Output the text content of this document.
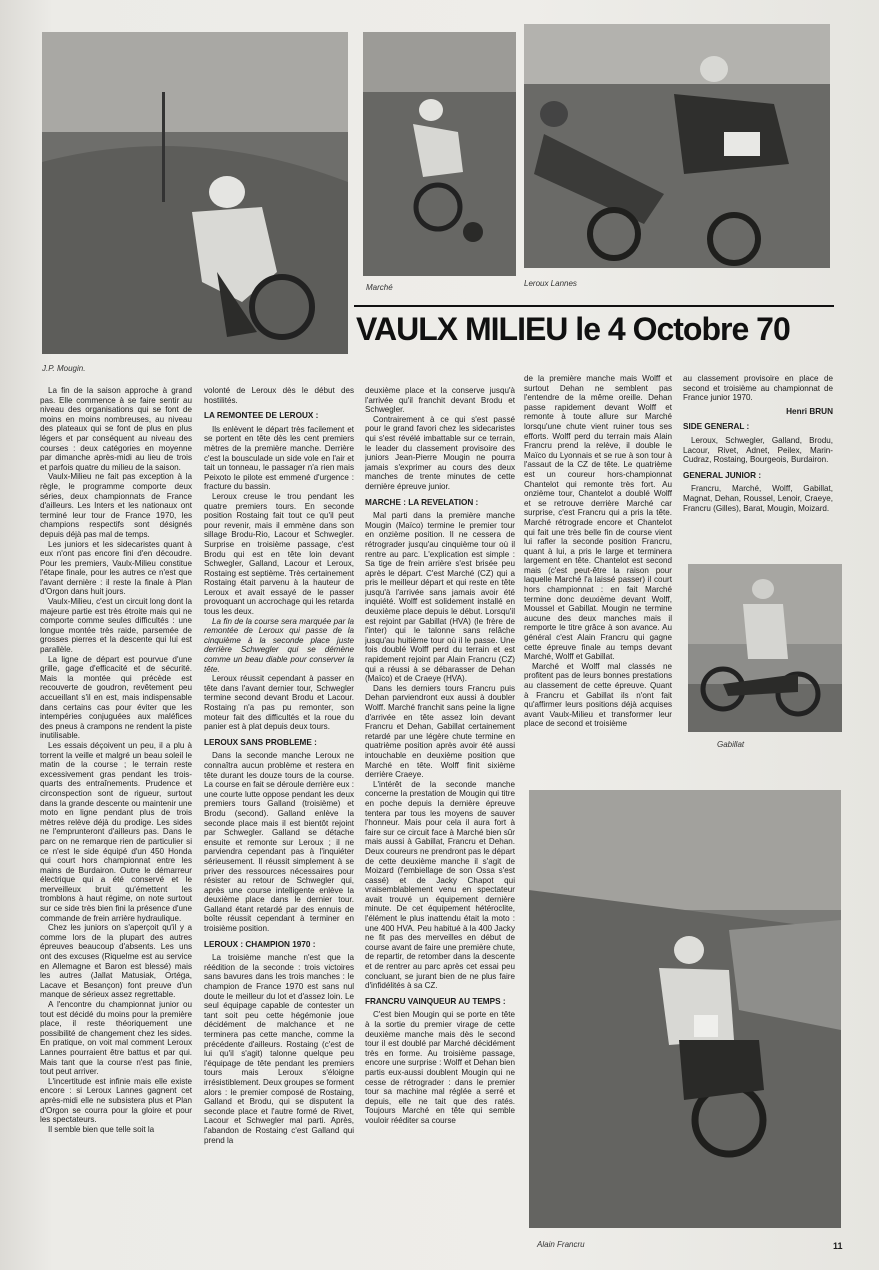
J.P. Mougin.
Marché	Leroux Lannes
VAULX MILIEU le 4 Octobre 70

La fin de la saison approche à grand pas. Elle commence à se faire sentir au niveau des organisations qui se font de moins en moins nombreuses, au niveau des plateaux qui se font de plus en plus légers et par conséquent au niveau des courses : deux catégories en moyenne par dimanche après-midi au lieu de trois et parfois quatre du milieu de la saison.

Vaulx-Milieu ne fait pas exception à la règle, le programme comporte deux séries, deux championnats de France d'ailleurs. Les Inters et les nationaux ont terminé leur tour de France 1970, les champions respectifs sont désignés depuis déjà pas mal de temps.

Les juniors et les sidecaristes quant à eux n'ont pas encore fini d'en découdre. Pour les premiers, Vaulx-Milieu constitue l'étape finale, pour les autres ce n'est que l'avant dernière : il reste la finale à Plan d'Orgon dans huit jours.

Vaulx-Milieu, c'est un circuit long dont la majeure partie est très étroite mais qui ne comporte comme seules difficultés : une longue montée très raide, parsemée de grosses pierres et la descente qui lui est parallèle.

La ligne de départ est pourvue d'une grille, gage d'efficacité et de sécurité. Mais la montée qui précède est recouverte de goudron, revêtement peu accueillant s'il en est, mais indispensable dans certains cas pour éviter que les intempéries conjuguées aux maléfices des pneus à crampons ne rendent la piste inutilisable.

Les essais déçoivent un peu, il a plu à torrent la veille et malgré un beau soleil le matin de la course ; le terrain reste excessivement gras pendant les trois-quarts des entraînements. Prudence et circonspection sont de rigueur, surtout dans la grande descente ou maintenir une moto en ligne pendant plus de trois mètres relève déjà du prodige. Les sides ne l'emprunteront d'ailleurs pas. Dans le parc on ne remarque rien de particulier si ce n'est le side équipé d'un 450 Honda qui court hors championnat entre les mains de Burdairon. Outre le démarreur électrique qui a été conservé et le merveilleux bruit qu'émettent les tromblons à haut régime, on note surtout sur ce side très bien fini la présence d'une commande de frein arrière hydraulique.

Chez les juniors on s'aperçoit qu'il y a comme lors de la plupart des autres épreuves beaucoup d'absents. Les uns ont des excuses (Riquelme est au service en Allemagne et Baron est blessé) mais les autres (Jallat Matusiak, Ortéga, Lacave et Besançon) font preuve d'un manque de sérieux assez regrettable.

A l'encontre du championnat junior ou tout est décidé du moins pour la première place, il reste théoriquement une possibilité de changement chez les sides. En pratique, on voit mal comment Leroux Lannes pourraient être battus et par qui. Mais tant que la course n'est pas finie, tout peut arriver.

L'incertitude est infinie mais elle existe encore : si Leroux Lannes gagnent cet après-midi elle ne subsistera plus et Plan d'Orgon se courra pour la gloire et pour les spectateurs.

Il semble bien que telle soit la

volonté de Leroux dès le début des hostilités.

LA REMONTEE DE LEROUX :

Ils enlèvent le départ très facilement et se portent en tête dès les cent premiers mètres de la première manche. Derrière c'est la bousculade un side vole en l'air et tait un tonneau, le passager n'a rien mais Peixoto le pilote est emmené d'urgence : fracture du bassin.

Leroux creuse le trou pendant les quatre premiers tours. En seconde position Rostaing fait tout ce qu'il peut pour revenir, mais il emmène dans son sillage Brodu-Rio, Lacour et Schwegler. Surprise en troisième passage, c'est Brodu qui est en tête loin devant Schwegler, Galland, Lacour et Leroux, Rostaing est septième. Très certainement Rostaing était parvenu à la hauteur de Leroux et avait essayé de le passer provoquant un accrochage qui les retarda tous les deux.

La fin de la course sera marquée par la remontée de Leroux qui passe de la cinquième à la seconde place juste derrière Schwegler qui se démène comme un beau diable pour conserver la tête.

Leroux réussit cependant à passer en tête dans l'avant dernier tour, Schwegler termine second devant Brodu et Lacour. Rostaing n'a pas pu remonter, son moteur fait des difficultés et la roue du panier est à plat depuis deux tours.

LEROUX SANS PROBLEME :

Dans la seconde manche Leroux ne connaîtra aucun problème et restera en tête durant les douze tours de la course. La course en fait se déroule derrière eux : une courte lutte oppose pendant les deux premiers tours Galland (troisième) et Brodu (second). Galland enlève la seconde place mais il est bientôt rejoint par Schwegler. Galland se détache ensuite et remonte sur Leroux ; il ne parviendra cependant pas à l'inquiéter sérieusement. Il réussit simplement à se priver des ressources nécessaires pour résister au retour de Schwegler qui, après une course intelligente enlève la deuxième place dans le dernier tour. Galland étant retardé par des ennuis de boîte réussit cependant à terminer en troisième position.

LEROUX : CHAMPION 1970 :

La troisième manche n'est que la réédition de la seconde : trois victoires sans bavures dans les trois manches : le champion de France 1970 est sans nul doute le meilleur du lot et d'assez loin. Le seul équipage capable de contester un tant soit peu cette hégémonie joue décidément de malchance et ne terminera pas cette manche, comme la précédente d'ailleurs. Rostaing (c'est de lui qu'il s'agit) talonne quelque peu l'équipage de tête pendant les premiers tours mais Leroux s'éloigne irrésistiblement. Deux groupes se forment alors : le premier composé de Rostaing, Galland et Brodu, qui se disputent la seconde place et l'autre formé de Rivet, Lacour et Schwegler mal parti. Après, l'abandon de Rostaing c'est Galland qui prend la

deuxième place et la conserve jusqu'à l'arrivée qu'il franchit devant Brodu et Schwegler.

Contrairement à ce qui s'est passé pour le grand favori chez les sidecaristes qui s'est révélé imbattable sur ce terrain, le leader du classement provisoire des juniors Jean-Pierre Mougin ne pourra jamais s'exprimer au cours des deux manches de trente minutes de cette dernière épreuve junior.

MARCHE : LA REVELATION :

Mal parti dans la première manche Mougin (Maïco) termine le premier tour en onzième position. Il ne cessera de rétrograder jusqu'au cinquième tour où il rentre au parc. L'explication est simple : Sa tige de frein arrière s'est brisée peu après le départ. C'est Marché (CZ) qui a pris le meilleur départ et qui reste en tête jusqu'à l'arrivée sans jamais avoir été inquiété. Wolff est solidement installé en deuxième place depuis le début. Lorsqu'il est rejoint par Gabillat (HVA) (le frère de l'inter) qui le talonne sans relâche jusqu'au huitième tour où il le passe. Une fois doublé Wolff perd du terrain et est rapidement rejoint par Alain Francru (CZ) qui a réussi à se débarasser de Dehan (Maïco) et de Craeye (HVA).

Dans les derniers tours Francru puis Dehan parviendront eux aussi à doubler Wolff. Marché franchit sans peine la ligne d'arrivée en tête assez loin devant Francru et Dehan, Gabillat certainement retardé par une légère chute termine en quatrième position après avoir été aussi intouchable en deuxième position que Marché en tête. Wolff finit sixième derrière Craeye.

L'intérêt de la seconde manche concerne la prestation de Mougin qui titre en poche depuis la dernière épreuve tentera par tous les moyens de sauver l'honneur. Mais pour cela il aura fort à faire sur ce circuit face à Marché bien sûr mais aussi à Gabillat, Francru et Dehan. Deux coureurs ne prendront pas le départ de cette deuxième manche il s'agit de Moizard (l'embiellage de son Ossa s'est cassé) et de Jacky Chapot qui vraisemblablement venu en spectateur avait trouvé un équipement dernière minute. De cet équipement hétéroclite, l'élément le plus inattendu était la moto : une 400 HVA. Peu habitué à la 400 Jacky ne fit pas des merveilles en début de course avant de faire une première chute, de repartir, de retomber dans la descente et de rentrer au parc après cet essai peu concluant, se jurant bien de ne plus faire d'infidélités à sa CZ.

FRANCRU VAINQUEUR AU TEMPS :

C'est bien Mougin qui se porte en tête à la sortie du premier virage de cette deuxième manche mais dès le second tour il est doublé par Marché décidément très en forme. Au troisième passage, encore une surprise : Wolff et Dehan bien partis eux-aussi doublent Mougin qui ne cesse de rétrograder : dans le premier tour sa machine mal réglée a serré et depuis, elle ne tait que des ratés. Toujours Marché en tête qui semble vouloir rééditer sa course

de la première manche mais Wolff et surtout Dehan ne semblent pas l'entendre de la même oreille. Dehan passe rapidement devant Wolff et remonte à toute allure sur Marché lorsqu'une chute vient ruiner tous ses efforts. Wolff perd du terrain mais Alain Francru prend la relève, il double le Maïco du Lyonnais et se rue à son tour à l'assaut de la CZ de tête. Le quatrième est un coureur hors-championnat Chantelot qui remonte très fort. Au onzième tour, Chantelot a doublé Wolff et se retrouve derrière Marché car surprise, c'est Francru qui a pris la tête. Marché rétrograde encore et Chantelot qui fait une très belle fin de course vient lui rafler la seconde position Francru, quant à lui, a pris le large et terminera largement en tête. Chantelot est second mais (c'est peut-être la raison pour laquelle Marché l'a laissé passer) il court hors championnat : en fait Marché termine donc deuxième devant Wolff, Moussel et Gabillat. Mougin ne termine aucune des deux manches mais il remporte le titre grâce à son avance. Au général c'est Alain Francru qui gagne cette épreuve finale au temps devant Marché, Wolff et Gabillat.

Marché et Wolff mal classés ne profitent pas de leurs bonnes prestations au classement de cette épreuve. Quant à Francru et Gabillat ils n'ont fait qu'affirmer leurs positions déjà acquises avant Vaulx-Milieu et transformer leur place de second et troisième

au classement provisoire en place de second et troisième au championnat de France junior 1970.

Henri BRUN
SIDE GENERAL :

Leroux, Schwegler, Galland, Brodu, Lacour, Rivet, Adnet, Peilex, Marin-Cudraz, Rostaing, Bourgeois, Burdairon.

GENERAL JUNIOR :

Francru, Marché, Wolff, Gabillat, Magnat, Dehan, Roussel, Lenoir, Craeye, Francru (Gilles), Barat, Mougin, Moizard.

Gabillat
Alain Francru	11
